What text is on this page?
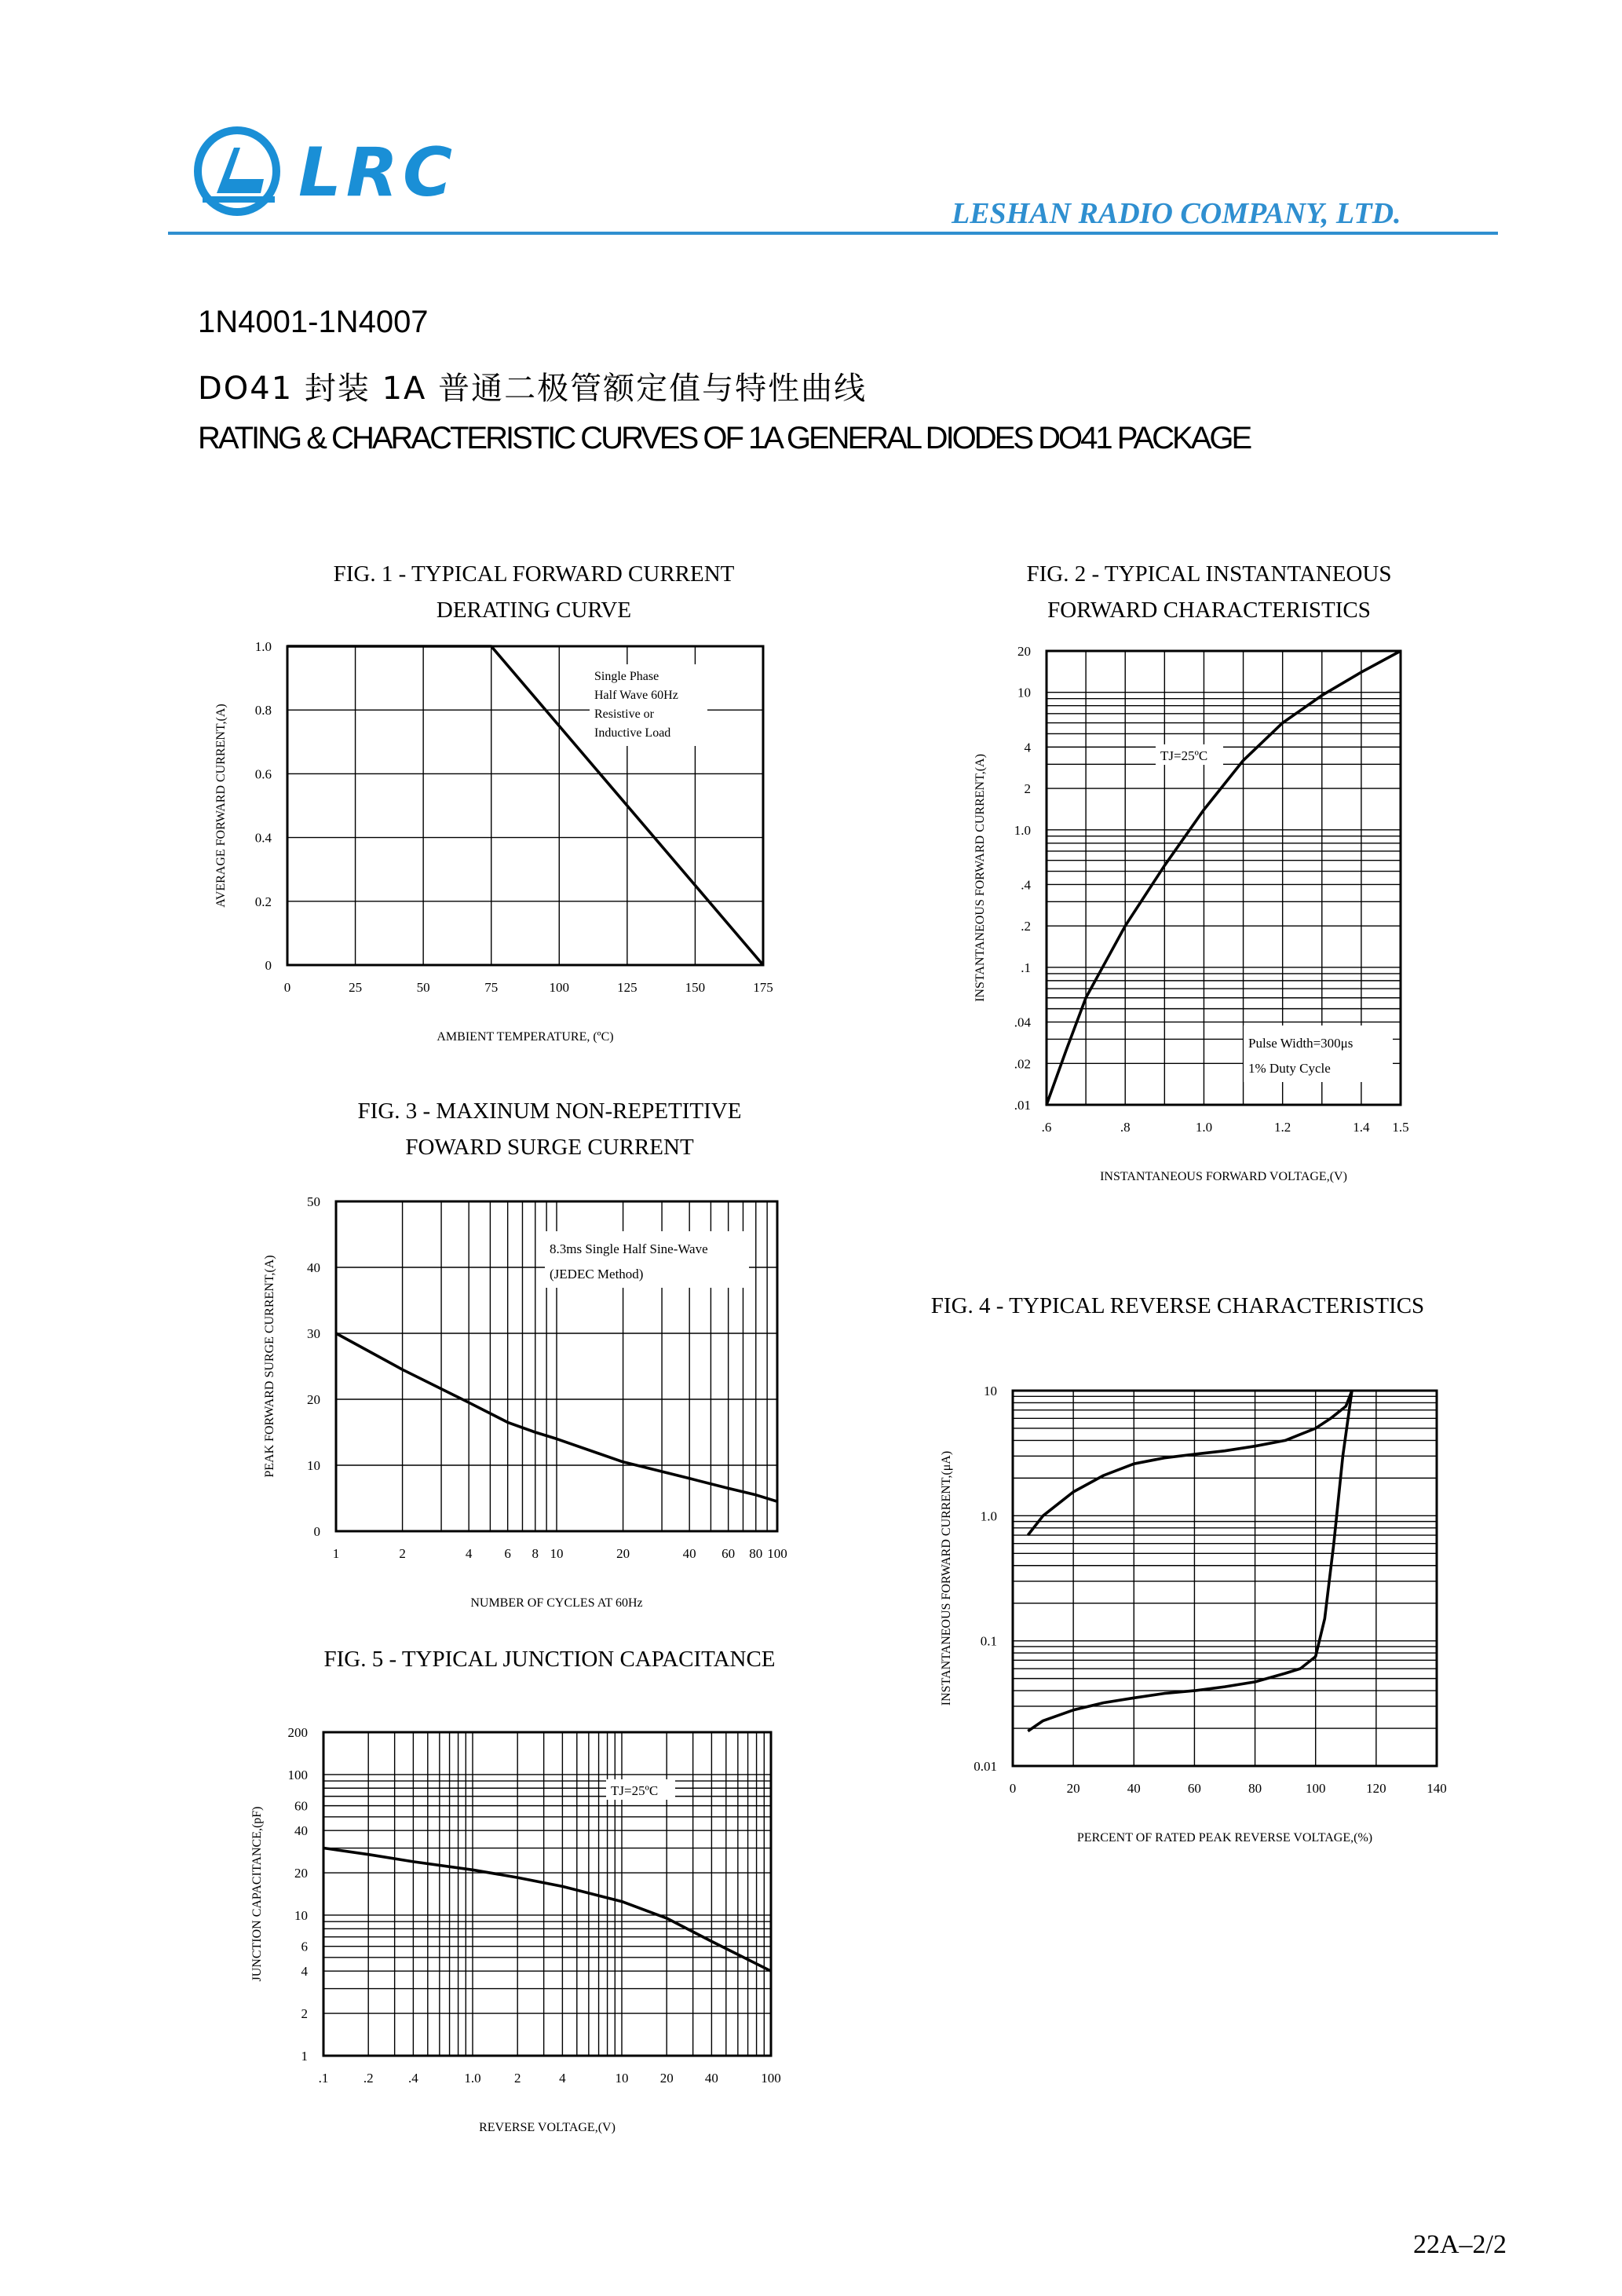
LRC
LESHAN RADIO COMPANY, LTD.
1N4001-1N4007
DO41 封装 1A 普通二极管额定值与特性曲线
RATING & CHARACTERISTIC CURVES OF 1A GENERAL DIODES DO41 PACKAGE
FIG. 1 - TYPICAL FORWARD CURRENT
DERATING CURVE
FIG. 2 - TYPICAL INSTANTANEOUS
FORWARD CHARACTERISTICS
FIG. 3 - MAXINUM NON-REPETITIVE
FOWARD SURGE CURRENT
FIG. 4 - TYPICAL REVERSE CHARACTERISTICS
FIG. 5 - TYPICAL JUNCTION CAPACITANCE
0	25	50	75	100	125	150	175
0
0.2
0.4
0.6
0.8
1.0
AMBIENT TEMPERATURE, (ºC)
AVERAGE FORWARD CURRENT,(A)
Single Phase
Half Wave 60Hz
Resistive or
Inductive Load
.6	.8	1.0	1.2	1.4 1.5
.01
.02
.04
.1
.2
.4
1.0
2
4
10
20
INSTANTANEOUS FORWARD VOLTAGE,(V)
INSTANTANEOUS FORWARD CURRENT,(A)	TJ=25ºC
Pulse Width=300μs
1% Duty Cycle
1	2	4 6 8 10	20	40 60 80 100
0
10
20
30
40
50
NUMBER OF CYCLES AT 60Hz
PEAK FORWARD SURGE CURRENT,(A)
8.3ms Single Half Sine-Wave
(JEDEC Method)
0	20	40	60	80	100	120	140
0.01
0.1
1.0
10
PERCENT OF RATED PEAK REVERSE VOLTAGE,(%)
INSTANTANEOUS FORWARD CURRENT,(μA)
.1	.2	.4	1.0 2	4	10 20 40	100
1
2
4
6
10
20
40
60
100
200
REVERSE VOLTAGE,(V)
JUNCTION CAPACITANCE,(pF)
TJ=25ºC
22A–2/2
